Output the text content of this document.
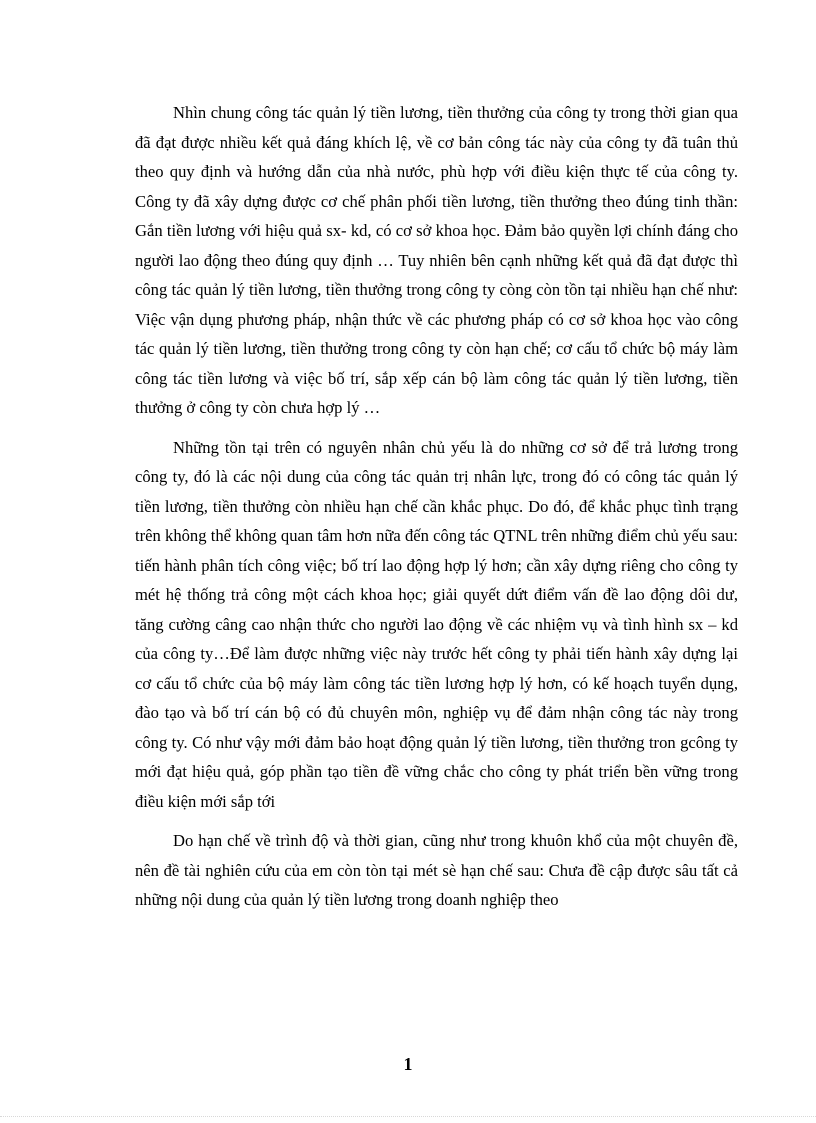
Nhìn chung công tác quản lý tiền lương, tiền thưởng của công ty trong thời gian qua đã đạt được nhiều kết quả đáng khích lệ, về cơ bản công tác này của công ty đã tuân thủ theo quy định và hướng dẫn của nhà nước, phù hợp với điều kiện thực tế của công ty. Công ty đã xây dựng được cơ chế phân phối tiền lương, tiền thưởng theo đúng tinh thần: Gắn tiền lương với hiệu quả sx- kd, có cơ sở khoa học. Đảm bảo quyền lợi chính đáng cho người lao động theo đúng quy định … Tuy nhiên bên cạnh những kết quả đã đạt được thì công tác quản lý tiền lương, tiền thưởng trong công ty còng còn tồn tại nhiều hạn chế như: Việc vận dụng phương pháp, nhận thức về các phương pháp có cơ sở khoa học vào công tác quản lý tiền lương, tiền thưởng trong công ty còn hạn chế; cơ cấu tổ chức bộ máy làm công tác tiền lương và việc bố trí, sắp xếp cán bộ làm công tác quản lý tiền lương, tiền thưởng ở công ty còn chưa hợp lý …

Những tồn tại trên có nguyên nhân chủ yếu là do những cơ sở để trả lương trong công ty, đó là các nội dung của công tác quản trị nhân lực, trong đó có công tác quản lý tiền lương, tiền thưởng còn nhiều hạn chế cần khắc phục. Do đó, để khắc phục tình trạng trên không thể không quan tâm hơn nữa đến công tác QTNL trên những điểm chủ yếu sau: tiến hành phân tích công việc; bố trí lao động hợp lý hơn; cần xây dựng riêng cho công ty mét hệ thống trả công một cách khoa học; giải quyết dứt điểm vấn đề lao động dôi dư, tăng cường câng cao nhận thức cho người lao động về các nhiệm vụ và tình hình sx – kd của công ty…Để làm được những việc này trước hết công ty phải tiến hành xây dựng lại cơ cấu tổ chức của bộ máy làm công tác tiền lương hợp lý hơn, có kế hoạch tuyển dụng, đào tạo và bố trí cán bộ có đủ chuyên môn, nghiệp vụ để đảm nhận công tác này trong công ty. Có như vậy mới đảm bảo hoạt động quản lý tiền lương, tiền thưởng tron gcông ty mới đạt hiệu quả, góp phần tạo tiền đề vững chắc cho công ty phát triển bền vững trong điều kiện mới sắp tới

Do hạn chế về trình độ và thời gian, cũng như trong khuôn khổ của một chuyên đề, nên đề tài nghiên cứu của em còn tòn tại mét sè hạn chế sau: Chưa đề cập được sâu tất cả những nội dung của quản lý tiền lương trong doanh nghiệp theo

1
